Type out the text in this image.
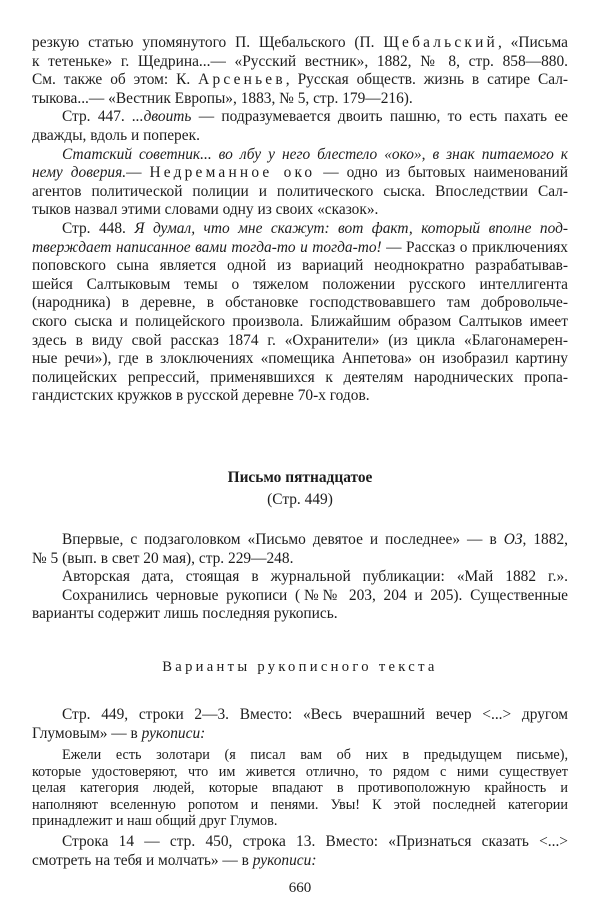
резкую статью упомянутого П. Щебальского (П. Щебальский, «Письма
к тетеньке» г. Щедрина...— «Русский вестник», 1882, № 8, стр. 858—880.
См. также об этом: К. Арсеньев, Русская обществ. жизнь в сатире Сал-
тыкова...— «Вестник Европы», 1883, № 5, стр. 179—216).
Стр. 447. ...двоить — подразумевается двоить пашню, то есть пахать ее
дважды, вдоль и поперек.
Статский советник... во лбу у него блестело «око», в знак питаемого к
нему доверия.— Недреманное око — одно из бытовых наименований
агентов политической полиции и политического сыска. Впоследствии Сал-
тыков назвал этими словами одну из своих «сказок».
Стр. 448. Я думал, что мне скажут: вот факт, который вполне под-
тверждает написанное вами тогда-то и тогда-то! — Рассказ о приключениях
поповского сына является одной из вариаций неоднократно разрабатывав-
шейся Салтыковым темы о тяжелом положении русского интеллигента
(народника) в деревне, в обстановке господствовавшего там добровольче-
ского сыска и полицейского произвола. Ближайшим образом Салтыков имеет
здесь в виду свой рассказ 1874 г. «Охранители» (из цикла «Благонамерен-
ные речи»), где в злоключениях «помещика Анпетова» он изобразил картину
полицейских репрессий, применявшихся к деятелям народнических пропа-
гандистских кружков в русской деревне 70-х годов.
Письмо пятнадцатое
(Стр. 449)
Впервые, с подзаголовком «Письмо девятое и последнее» — в ОЗ, 1882,
№ 5 (вып. в свет 20 мая), стр. 229—248.
Авторская дата, стоящая в журнальной публикации: «Май 1882 г.».
Сохранились черновые рукописи (№№ 203, 204 и 205). Существенные
варианты содержит лишь последняя рукопись.
Варианты рукописного текста
Стр. 449, строки 2—3. Вместо: «Весь вчерашний вечер <...> другом
Глумовым» — в рукописи:
Ежели есть золотари (я писал вам об них в предыдущем письме),
которые удостоверяют, что им живется отлично, то рядом с ними существует
целая категория людей, которые впадают в противоположную крайность и
наполняют вселенную ропотом и пенями. Увы! К этой последней категории
принадлежит и наш общий друг Глумов.
Строка 14 — стр. 450, строка 13. Вместо: «Признаться сказать <...>
смотреть на тебя и молчать» — в рукописи:
660
